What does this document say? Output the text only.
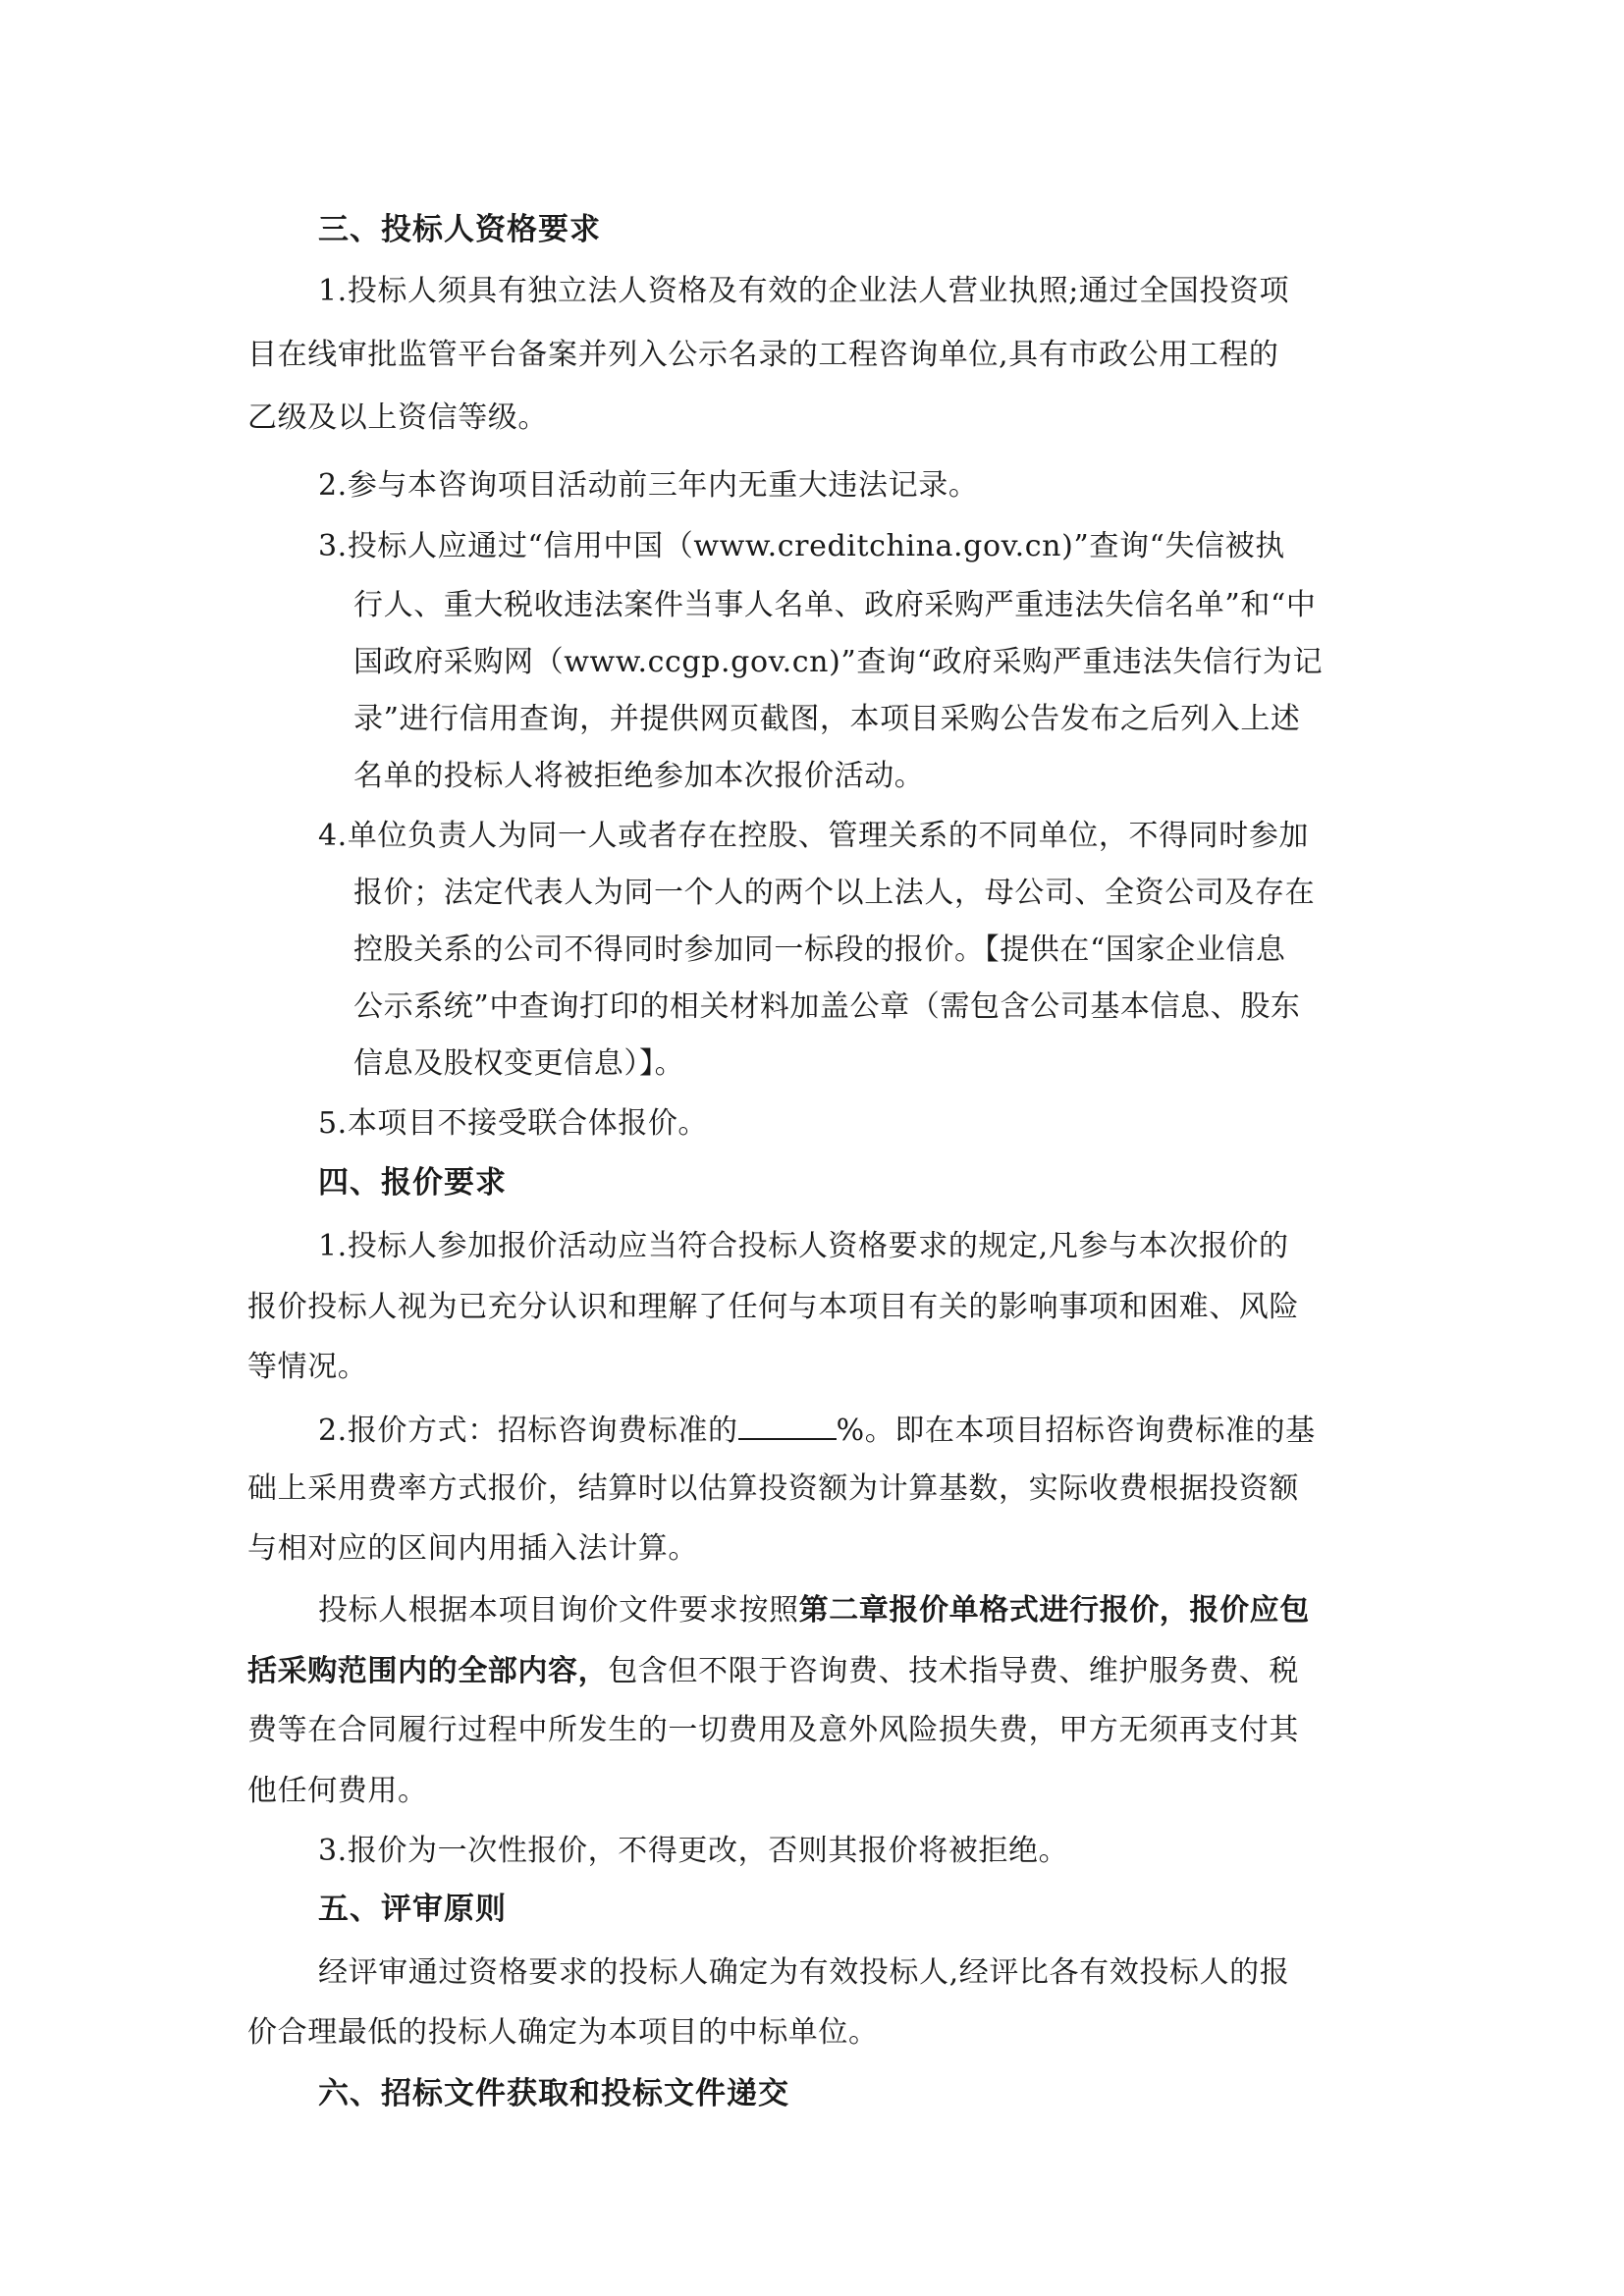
三、投标人资格要求
1.投标人须具有独立法人资格及有效的企业法人营业执照;通过全国投资项
目在线审批监管平台备案并列入公示名录的工程咨询单位,具有市政公用工程的
乙级及以上资信等级。
2.参与本咨询项目活动前三年内无重大违法记录。
3.投标人应通过“信用中国（www.creditchina.gov.cn)”查询“失信被执
行人、重大税收违法案件当事人名单、政府采购严重违法失信名单”和“中
国政府采购网（www.ccgp.gov.cn)”查询“政府采购严重违法失信行为记
录”进行信用查询，并提供网页截图，本项目采购公告发布之后列入上述
名单的投标人将被拒绝参加本次报价活动。
4.单位负责人为同一人或者存在控股、管理关系的不同单位，不得同时参加
报价；法定代表人为同一个人的两个以上法人，母公司、全资公司及存在
控股关系的公司不得同时参加同一标段的报价。【提供在“国家企业信息
公示系统”中查询打印的相关材料加盖公章（需包含公司基本信息、股东
信息及股权变更信息）】。
5.本项目不接受联合体报价。
四、报价要求
1.投标人参加报价活动应当符合投标人资格要求的规定,凡参与本次报价的
报价投标人视为已充分认识和理解了任何与本项目有关的影响事项和困难、风险
等情况。
2.报价方式：招标咨询费标准的	%。即在本项目招标咨询费标准的基
础上采用费率方式报价，结算时以估算投资额为计算基数，实际收费根据投资额
与相对应的区间内用插入法计算。
投标人根据本项目询价文件要求按照第二章报价单格式进行报价，报价应包
括采购范围内的全部内容，包含但不限于咨询费、技术指导费、维护服务费、税
费等在合同履行过程中所发生的一切费用及意外风险损失费，甲方无须再支付其
他任何费用。
3.报价为一次性报价，不得更改，否则其报价将被拒绝。
五、评审原则
经评审通过资格要求的投标人确定为有效投标人,经评比各有效投标人的报
价合理最低的投标人确定为本项目的中标单位。
六、招标文件获取和投标文件递交
